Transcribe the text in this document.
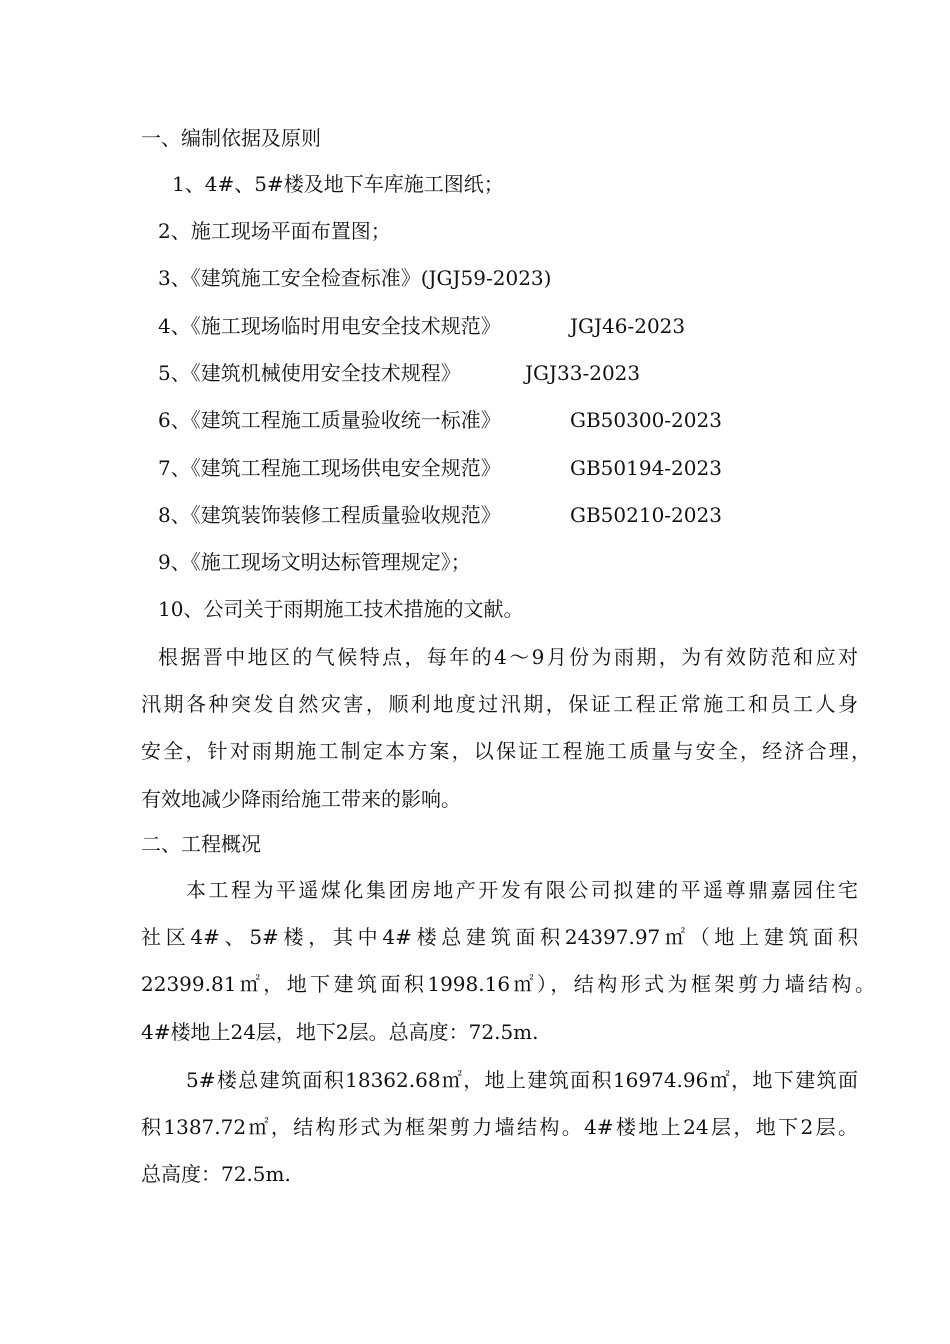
一、编制依据及原则
1、4#、5#楼及地下车库施工图纸；
2、施工现场平面布置图；
3、《建筑施工安全检查标准》(JGJ59-2023)
4、《施工现场临时用电安全技术规范》	JGJ46-2023
5、《建筑机械使用安全技术规程》	JGJ33-2023
6、《建筑工程施工质量验收统一标准》	GB50300-2023
7、《建筑工程施工现场供电安全规范》	GB50194-2023
8、《建筑装饰装修工程质量验收规范》	GB50210-2023
9、《施工现场文明达标管理规定》；
10、公司关于雨期施工技术措施的文献。
根据晋中地区的气候特点，每年的4～9月份为雨期，为有效防范和应对
汛期各种突发自然灾害，顺利地度过汛期，保证工程正常施工和员工人身
安全，针对雨期施工制定本方案，以保证工程施工质量与安全，经济合理，
有效地减少降雨给施工带来的影响。
二、工程概况
本工程为平遥煤化集团房地产开发有限公司拟建的平遥尊鼎嘉园住宅
社区4#、5#楼，其中4#楼总建筑面积24397.97㎡（地上建筑面积
22399.81㎡，地下建筑面积1998.16㎡），结构形式为框架剪力墙结构。
4#楼地上24层，地下2层。总高度：72.5m.
5#楼总建筑面积18362.68㎡，地上建筑面积16974.96㎡，地下建筑面
积1387.72㎡，结构形式为框架剪力墙结构。4#楼地上24层，地下2层。
总高度：72.5m.
